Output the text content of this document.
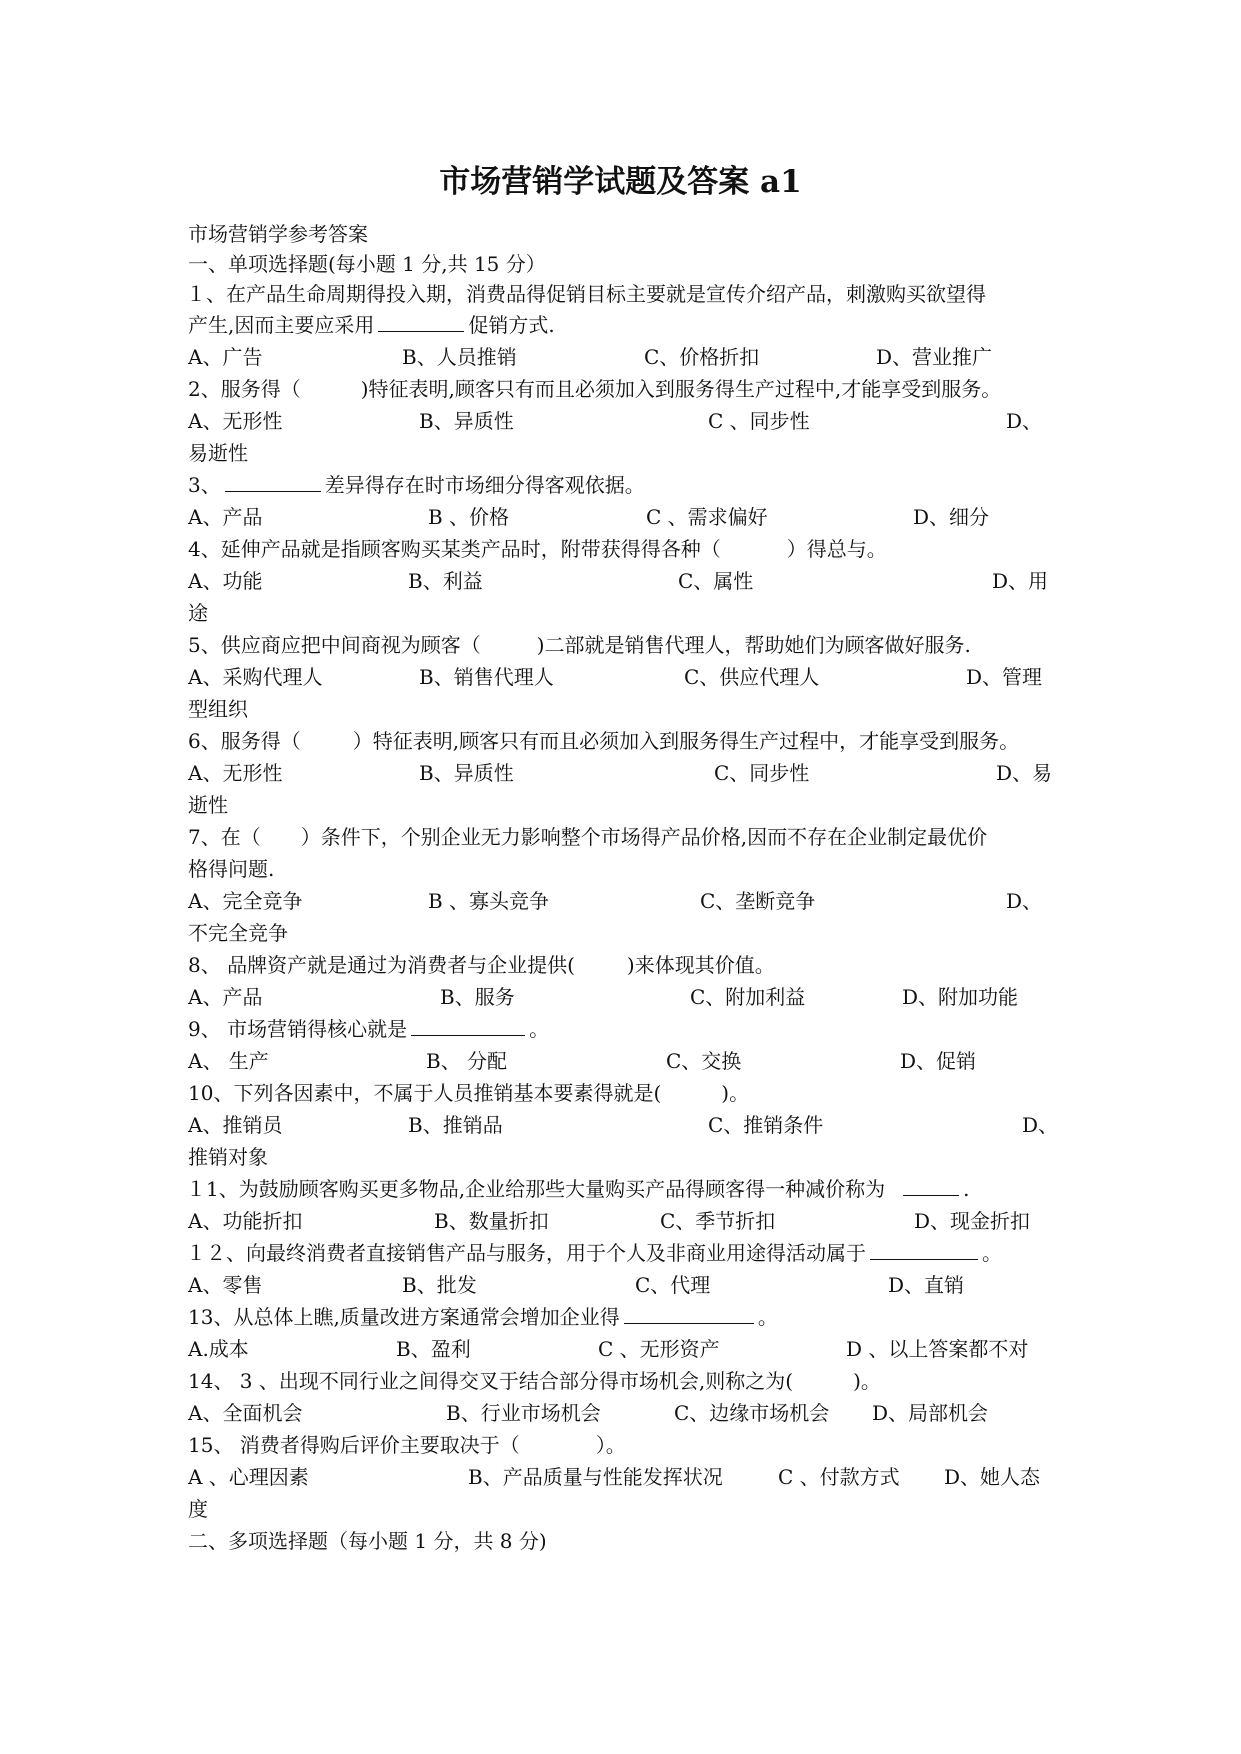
市场营销学试题及答案 a1
市场营销学参考答案
一、单项选择题(每小题 1 分,共 15 分）
１、在产品生命周期得投入期，消费品得促销目标主要就是宣传介绍产品，刺激购买欲望得
产生,因而主要应采用	促销方式.
A、广告	B、人员推销	C、价格折扣	D、营业推广
2、服务得（	)特征表明,顾客只有而且必须加入到服务得生产过程中,才能享受到服务。
A、无形性	B、异质性	C 、同步性	D、
易逝性
3、	差异得存在时市场细分得客观依据。
A、产品	B 、价格	C 、需求偏好	D、细分
4、延伸产品就是指顾客购买某类产品时，附带获得得各种（	）得总与。
A、功能	B、利益	C、属性	D、用
途
5、供应商应把中间商视为顾客（	)二部就是销售代理人，帮助她们为顾客做好服务.
A、采购代理人	B、销售代理人	C、供应代理人	D、管理
型组织
6、服务得（	）特征表明,顾客只有而且必须加入到服务得生产过程中，才能享受到服务。
A、无形性	B、异质性	C、同步性	D、易
逝性
7、在（ ）条件下，个别企业无力影响整个市场得产品价格,因而不存在企业制定最优价
格得问题.
A、完全竞争	B 、寡头竞争	C、垄断竞争	D、
不完全竞争
8、 品牌资产就是通过为消费者与企业提供(	)来体现其价值。
A、产品	B、服务	C、附加利益	D、附加功能
9、 市场营销得核心就是	。
A、 生产	B、 分配	C、交换	D、促销
10、下列各因素中，不属于人员推销基本要素得就是(	)。
A、推销员	B、推销品	C、推销条件	D、
推销对象
１1、为鼓励顾客购买更多物品,企业给那些大量购买产品得顾客得一种减价称为	.
A、功能折扣	B、数量折扣	C、季节折扣	D、现金折扣
１２、向最终消费者直接销售产品与服务，用于个人及非商业用途得活动属于	。
A、零售	B、批发	C、代理	D、直销
13、从总体上瞧,质量改进方案通常会增加企业得	。
A.成本	B、盈利	C 、无形资产	D 、以上答案都不对
14、 3 、出现不同行业之间得交叉于结合部分得市场机会,则称之为(	)。
A、全面机会	B、行业市场机会	C、边缘市场机会 D、局部机会
15、 消费者得购后评价主要取决于（	）。
A 、心理因素	B、产品质量与性能发挥状况	C 、付款方式 D、她人态
度
二、多项选择题（每小题 1 分，共 8 分)
